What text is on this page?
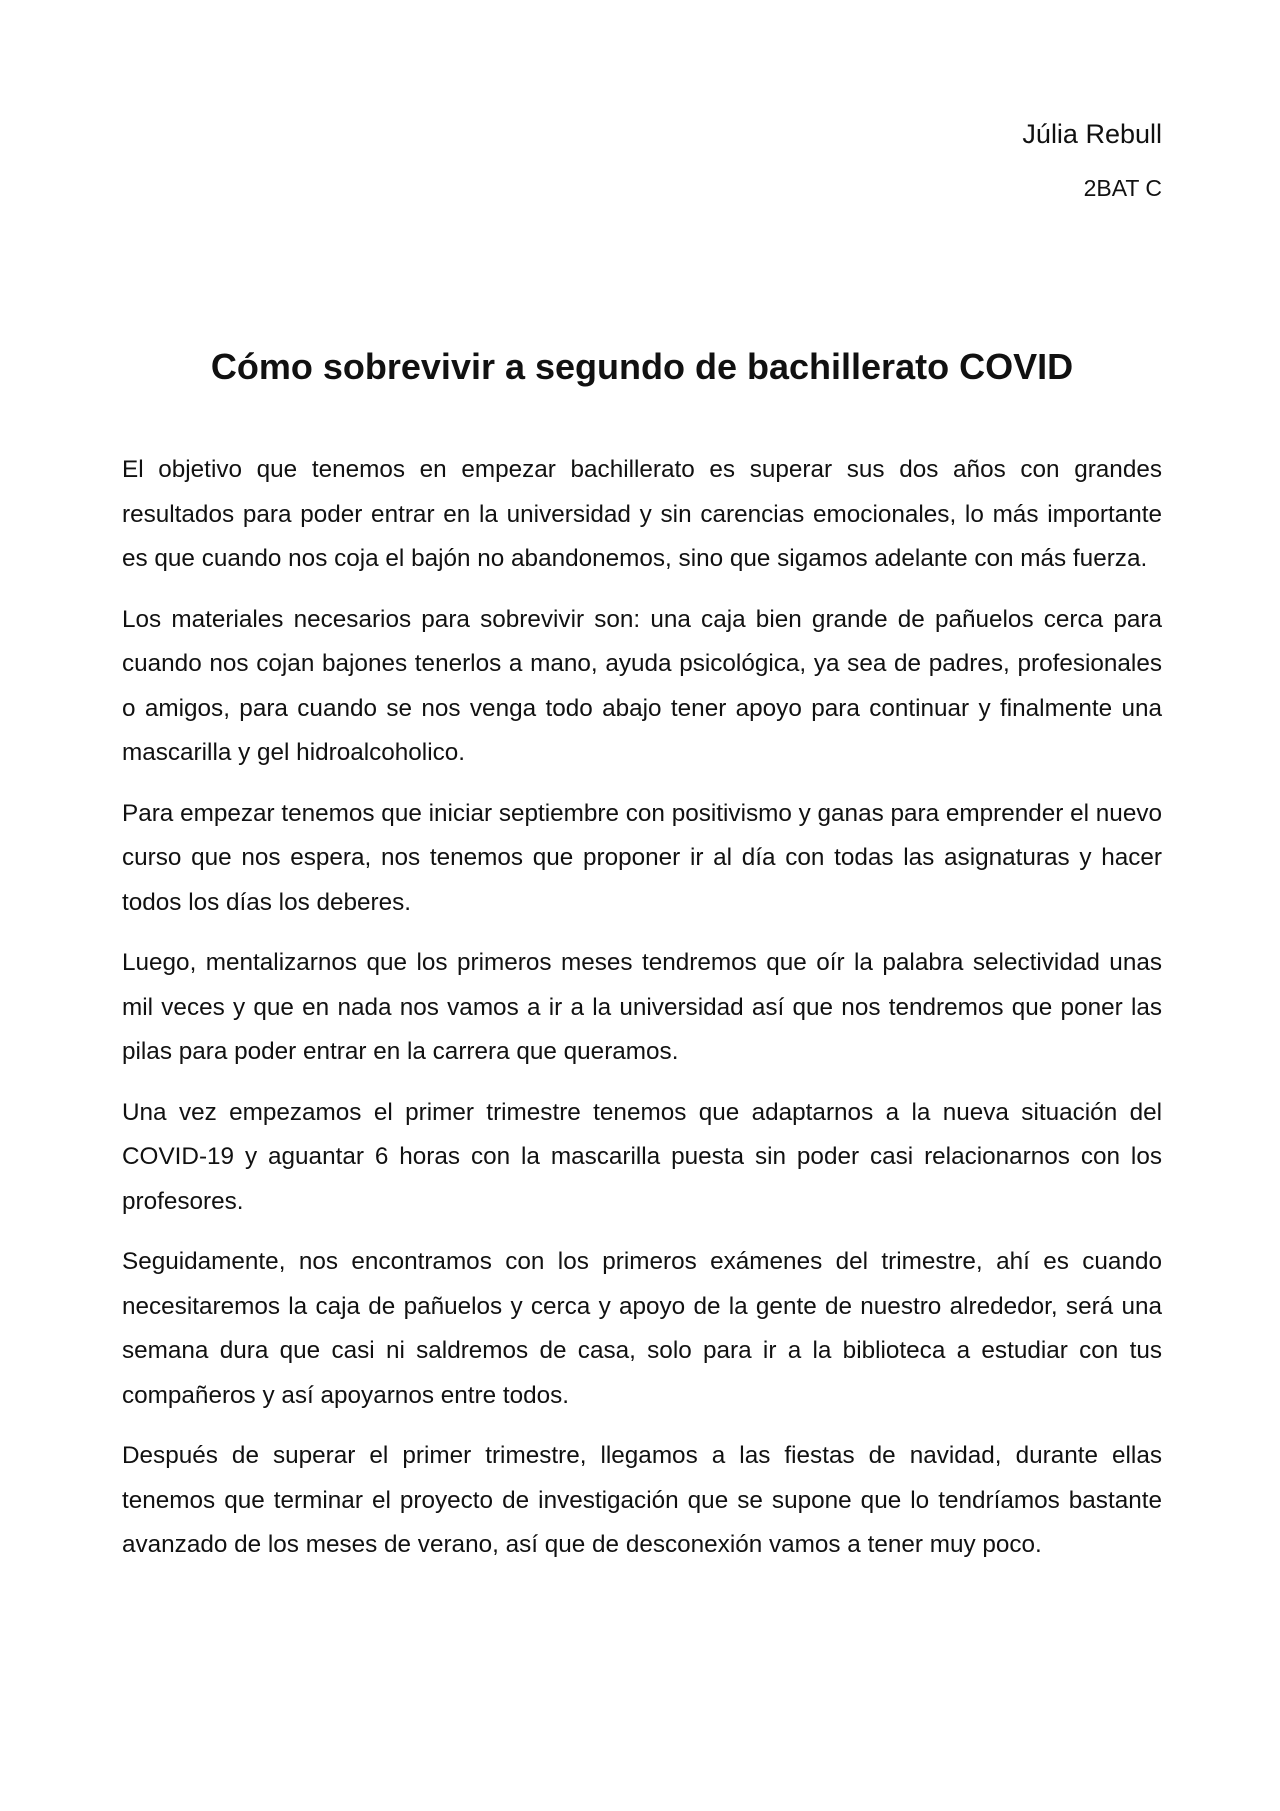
Júlia Rebull

2BAT C

Cómo sobrevivir a segundo de bachillerato COVID

El objetivo que tenemos en empezar bachillerato es superar sus dos años con grandes resultados para poder entrar en la universidad y sin carencias emocionales, lo más importante es que cuando nos coja el bajón no abandonemos, sino que sigamos adelante con más fuerza.

Los materiales necesarios para sobrevivir son: una caja bien grande de pañuelos cerca para cuando nos cojan bajones tenerlos a mano, ayuda psicológica, ya sea de padres, profesionales o amigos, para cuando se nos venga todo abajo tener apoyo para continuar y finalmente una mascarilla y gel hidroalcoholico.

Para empezar tenemos que iniciar septiembre con positivismo y ganas para emprender el nuevo curso que nos espera, nos tenemos que proponer ir al día con todas las asignaturas y hacer todos los días los deberes.

Luego, mentalizarnos que los primeros meses tendremos que oír la palabra selectividad unas mil veces y que en nada nos vamos a ir a la universidad así que nos tendremos que poner las pilas para poder entrar en la carrera que queramos.

Una vez empezamos el primer trimestre tenemos que adaptarnos a la nueva situación del COVID-19 y aguantar 6 horas con la mascarilla puesta sin poder casi relacionarnos con los profesores.

Seguidamente, nos encontramos con los primeros exámenes del trimestre, ahí es cuando necesitaremos la caja de pañuelos y cerca y apoyo de la gente de nuestro alrededor, será una semana dura que casi ni saldremos de casa, solo para ir a la biblioteca a estudiar con tus compañeros y así apoyarnos entre todos.

Después de superar el primer trimestre, llegamos a las fiestas de navidad, durante ellas tenemos que terminar el proyecto de investigación que se supone que lo tendríamos bastante avanzado de los meses de verano, así que de desconexión vamos a tener muy poco.
